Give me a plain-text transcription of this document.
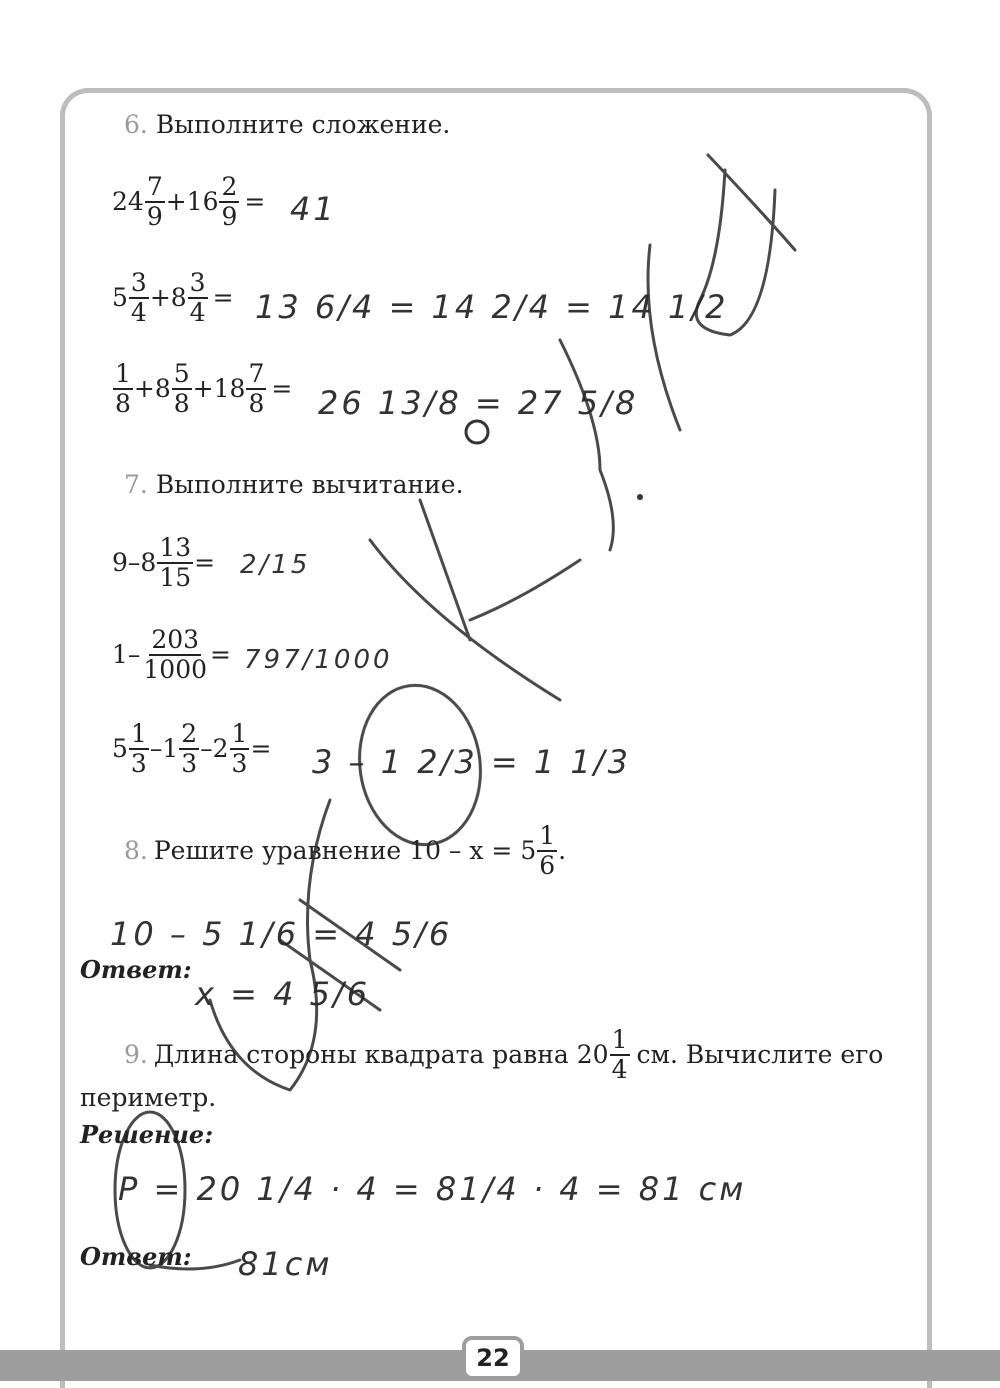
6. Выполните сложение.
$24 \frac{7}{9} + 16 \frac{2}{9} = 41$
$5 \frac{3}{4} + 8 \frac{3}{4} = 13$ 6/4 = 14 2/4 = 14 1/2
$\frac{1}{8} + 8 \frac{5}{8} + 18 \frac{7}{8} = 26$ 13/8 = 27 5/8
7. Выполните вычитание.
$9 - 8 \frac{13}{15} = 2/15$
$1 - \frac{203}{1000} = 797/1000$
$5 \frac{1}{3} - 1 \frac{2}{3} - 2 \frac{1}{3} = 3 - 1$ 2/3 = 1 1/3
8. Решите уравнение $10 - x = 5 \frac{1}{6}$ .
10 – 5 1/6 = 4 5/6
Ответ:
x = 4 5/6
9. Длина стороны квадрата равна $20 \frac{1}{4}$ см. Вычислите его
периметр.
Решение:
P = 20 1/4 · 4 = 81/4 · 4 = 81 см
Ответ: 81см
22
